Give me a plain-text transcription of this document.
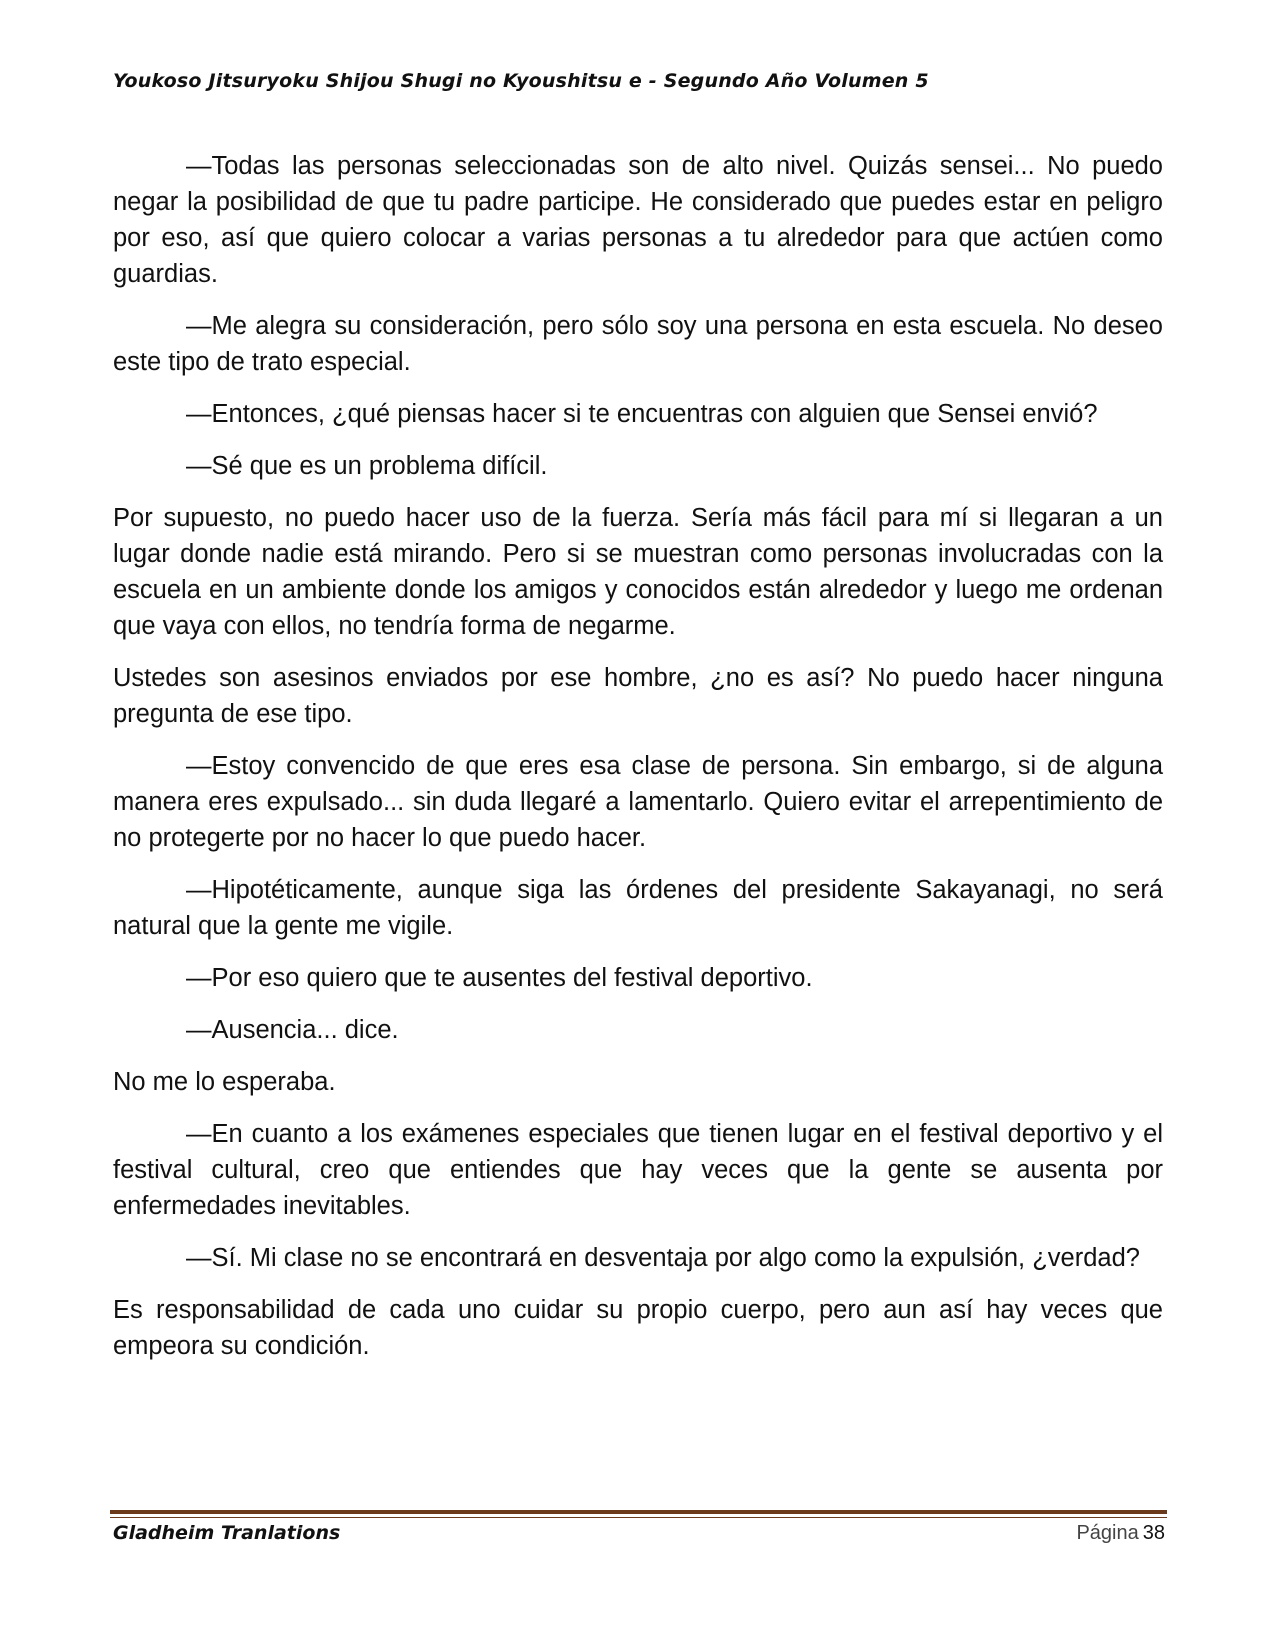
Youkoso Jitsuryoku Shijou Shugi no Kyoushitsu e - Segundo Año Volumen 5

—Todas las personas seleccionadas son de alto nivel. Quizás sensei... No puedo negar la posibilidad de que tu padre participe. He considerado que puedes estar en peligro por eso, así que quiero colocar a varias personas a tu alrededor para que actúen como guardias.

—Me alegra su consideración, pero sólo soy una persona en esta escuela. No deseo este tipo de trato especial.

—Entonces, ¿qué piensas hacer si te encuentras con alguien que Sensei envió?

—Sé que es un problema difícil.

Por supuesto, no puedo hacer uso de la fuerza. Sería más fácil para mí si llegaran a un lugar donde nadie está mirando. Pero si se muestran como personas involucradas con la escuela en un ambiente donde los amigos y conocidos están alrededor y luego me ordenan que vaya con ellos, no tendría forma de negarme.

Ustedes son asesinos enviados por ese hombre, ¿no es así? No puedo hacer ninguna pregunta de ese tipo.

—Estoy convencido de que eres esa clase de persona. Sin embargo, si de alguna manera eres expulsado... sin duda llegaré a lamentarlo. Quiero evitar el arrepentimiento de no protegerte por no hacer lo que puedo hacer.

—Hipotéticamente, aunque siga las órdenes del presidente Sakayanagi, no será natural que la gente me vigile.

—Por eso quiero que te ausentes del festival deportivo.

—Ausencia... dice.

No me lo esperaba.

—En cuanto a los exámenes especiales que tienen lugar en el festival deportivo y el festival cultural, creo que entiendes que hay veces que la gente se ausenta por enfermedades inevitables.

—Sí. Mi clase no se encontrará en desventaja por algo como la expulsión, ¿verdad?

Es responsabilidad de cada uno cuidar su propio cuerpo, pero aun así hay veces que empeora su condición.

Gladheim Tranlations	Página 38
